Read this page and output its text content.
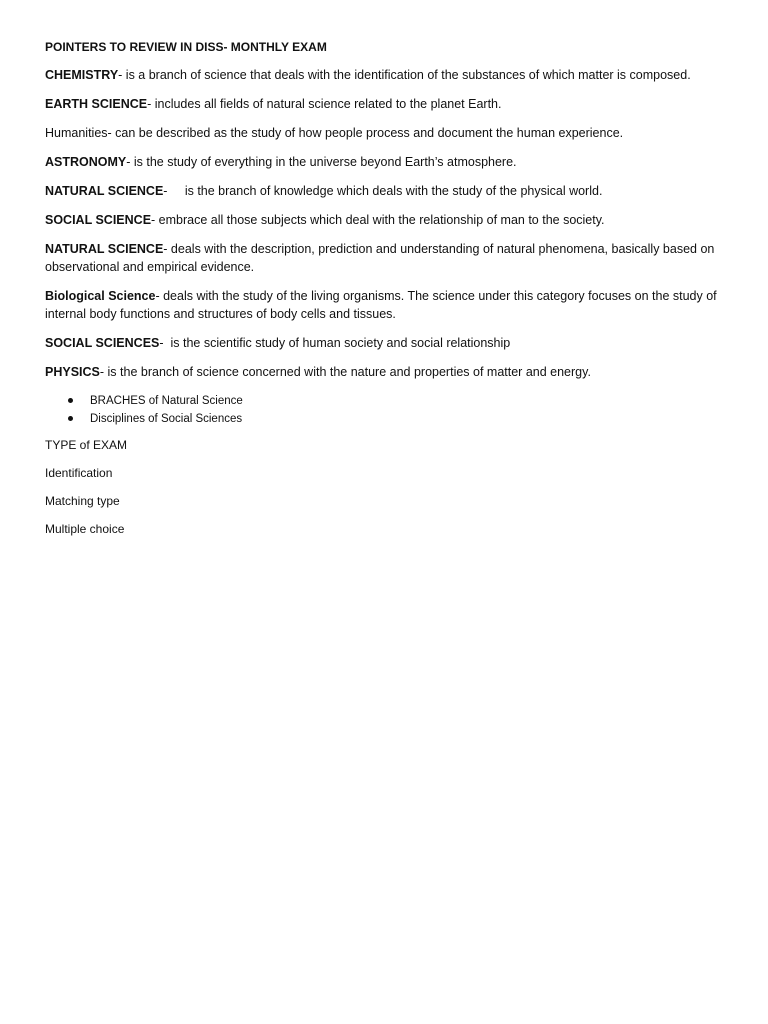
POINTERS TO REVIEW IN DISS- MONTHLY EXAM

CHEMISTRY- is a branch of science that deals with the identification of the substances of which matter is composed.

EARTH SCIENCE- includes all fields of natural science related to the planet Earth.

Humanities- can be described as the study of how people process and document the human experience.

ASTRONOMY- is the study of everything in the universe beyond Earth’s atmosphere.

NATURAL SCIENCE-     is the branch of knowledge which deals with the study of the physical world.

SOCIAL SCIENCE- embrace all those subjects which deal with the relationship of man to the society.

NATURAL SCIENCE- deals with the description, prediction and understanding of natural phenomena, basically based on observational and empirical evidence.

Biological Science- deals with the study of the living organisms. The science under this category focuses on the study of internal body functions and structures of body cells and tissues.

SOCIAL SCIENCES-  is the scientific study of human society and social relationship

PHYSICS- is the branch of science concerned with the nature and properties of matter and energy.

BRACHES of Natural Science
Disciplines of Social Sciences
TYPE of EXAM
Identification
Matching type
Multiple choice
